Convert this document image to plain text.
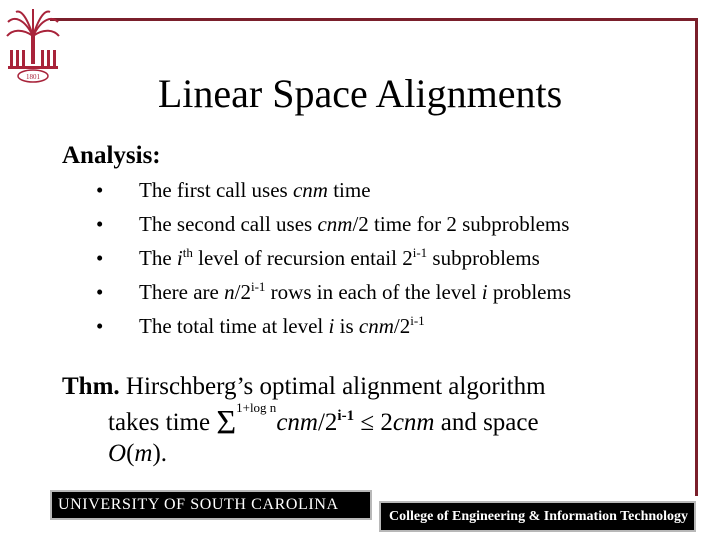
1801	Linear Space Alignments
Analysis:
• The first call uses cnm time
• The second call uses cnm/2 time for 2 subproblems
• The $i^{th}$ level of recursion entail 2$^{i-1}$ subproblems
• There are n/2$^{i-1}$ rows in each of the level i problems
• The total time at level i is cnm/2$^{i-1}$
Thm. Hirschberg’s optimal alignment algorithm
takes time $\Sigma^{1+log n}cnm/2^{i-1} \le 2cnm$ and space
O(m).
UNIVERSITY OF SOUTH CAROLINA
College of Engineering & Information Technology
